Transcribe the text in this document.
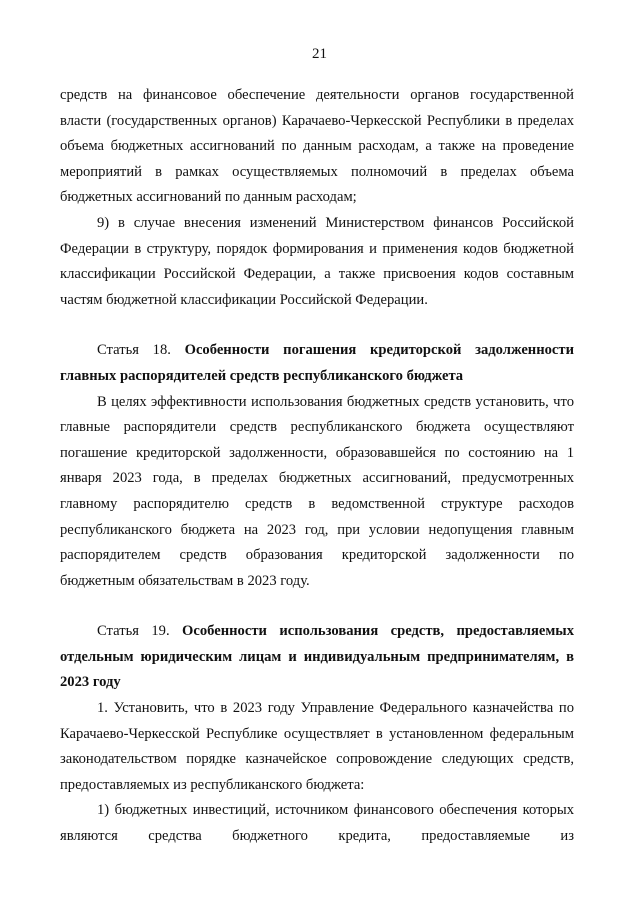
21

средств на финансовое обеспечение деятельности органов государственной власти (государственных органов) Карачаево-Черкесской Республики в пределах объема бюджетных ассигнований по данным расходам, а также на проведение мероприятий в рамках осуществляемых полномочий в пределах объема бюджетных ассигнований по данным расходам;

9) в случае внесения изменений Министерством финансов Российской Федерации в структуру, порядок формирования и применения кодов бюджетной классификации Российской Федерации, а также присвоения кодов составным частям бюджетной классификации Российской Федерации.

Статья 18. Особенности погашения кредиторской задолженности главных распорядителей средств республиканского бюджета

В целях эффективности использования бюджетных средств установить, что главные распорядители средств республиканского бюджета осуществляют погашение кредиторской задолженности, образовавшейся по состоянию на 1 января 2023 года, в пределах бюджетных ассигнований, предусмотренных главному распорядителю средств в ведомственной структуре расходов республиканского бюджета на 2023 год, при условии недопущения главным распорядителем средств образования кредиторской задолженности по бюджетным обязательствам в 2023 году.

Статья 19. Особенности использования средств, предоставляемых отдельным юридическим лицам и индивидуальным предпринимателям, в 2023 году

1. Установить, что в 2023 году Управление Федерального казначейства по Карачаево-Черкесской Республике осуществляет в установленном федеральным законодательством порядке казначейское сопровождение следующих средств, предоставляемых из республиканского бюджета:

1) бюджетных инвестиций, источником финансового обеспечения которых являются средства бюджетного кредита, предоставляемые из
